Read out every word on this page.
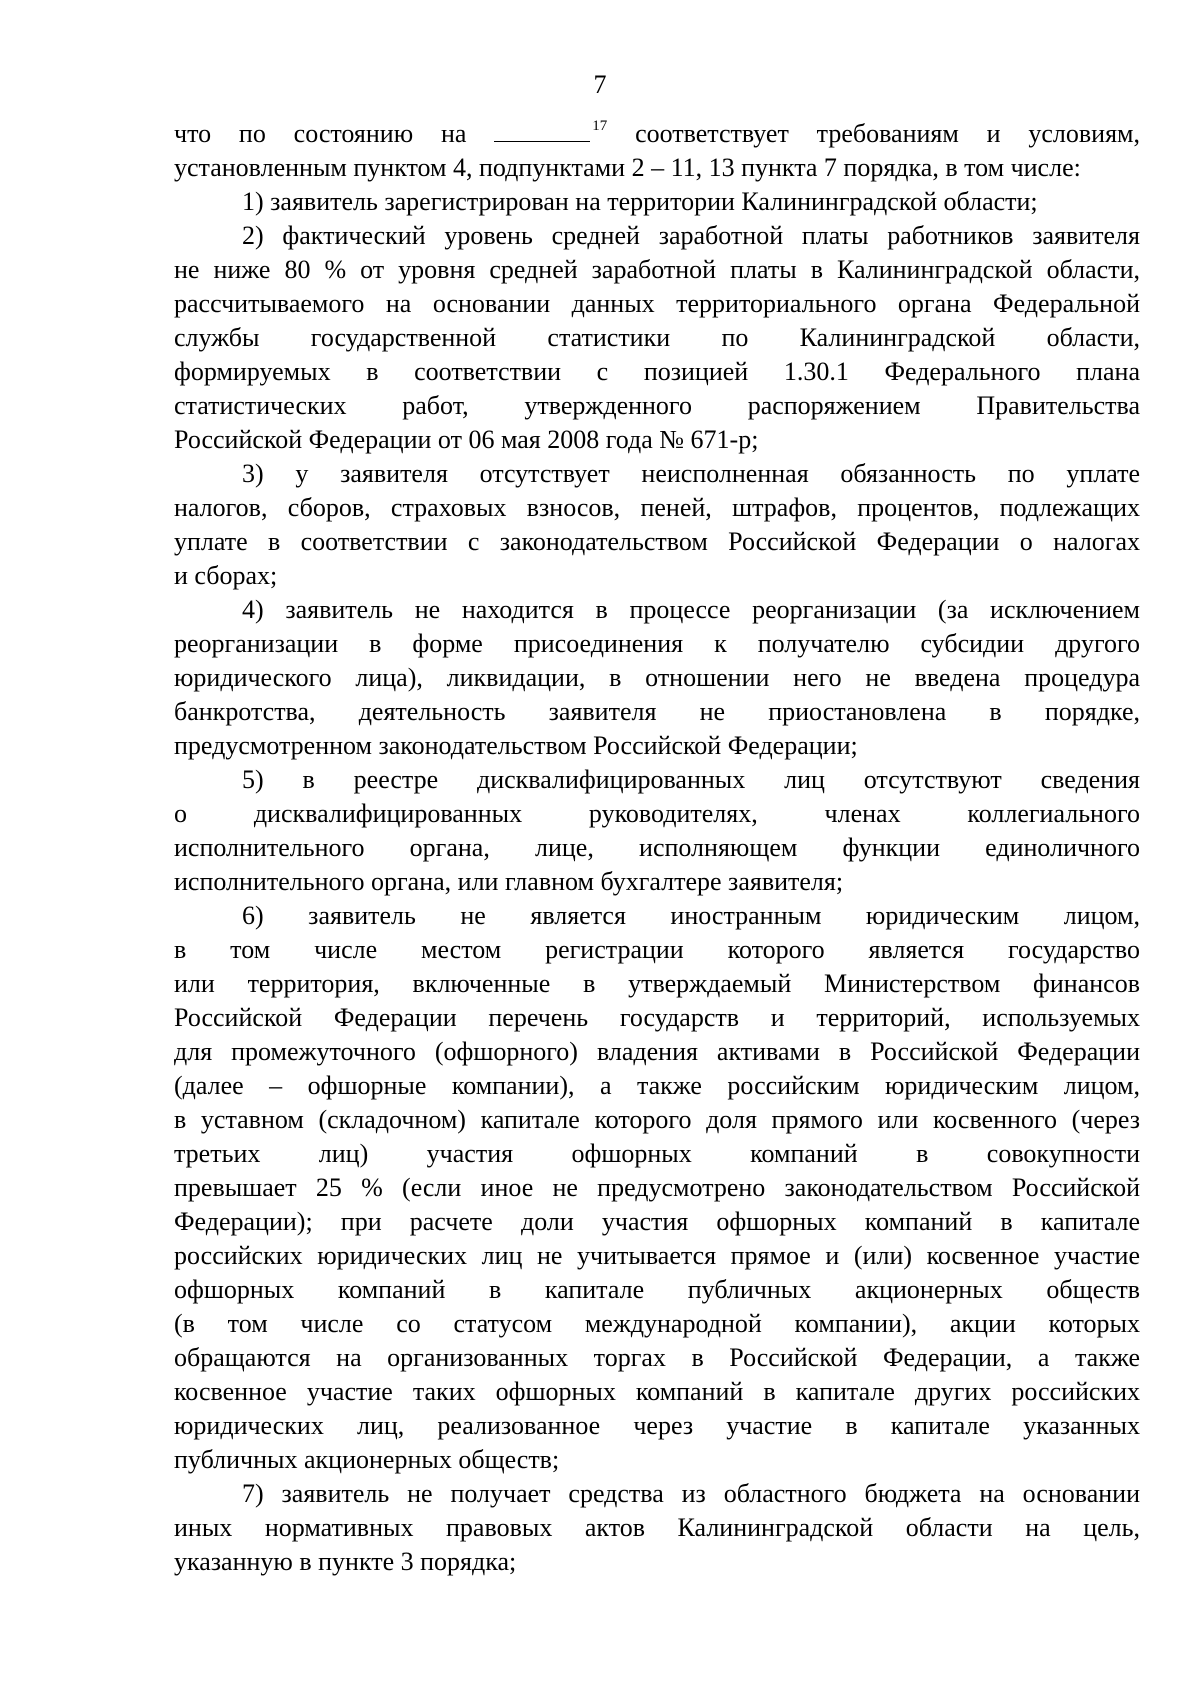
7
что по состоянию на	$^{17}$ соответствует требованиям и условиям,
установленным пунктом 4, подпунктами 2 – 11, 13 пункта 7 порядка, в том числе:
1) заявитель зарегистрирован на территории Калининградской области;
2) фактический уровень средней заработной платы работников заявителя
не ниже 80 % от уровня средней заработной платы в Калининградской области,
рассчитываемого на основании данных территориального органа Федеральной
службы государственной статистики по Калининградской области,
формируемых в соответствии с позицией 1.30.1 Федерального плана
статистических работ, утвержденного распоряжением Правительства
Российской Федерации от 06 мая 2008 года № 671-р;
3) у заявителя отсутствует неисполненная обязанность по уплате
налогов, сборов, страховых взносов, пеней, штрафов, процентов, подлежащих
уплате в соответствии с законодательством Российской Федерации о налогах
и сборах;
4) заявитель не находится в процессе реорганизации (за исключением
реорганизации в форме присоединения к получателю субсидии другого
юридического лица), ликвидации, в отношении него не введена процедура
банкротства, деятельность заявителя не приостановлена в порядке,
предусмотренном законодательством Российской Федерации;
5) в реестре дисквалифицированных лиц отсутствуют сведения
о дисквалифицированных руководителях, членах коллегиального
исполнительного органа, лице, исполняющем функции единоличного
исполнительного органа, или главном бухгалтере заявителя;
6) заявитель не является иностранным юридическим лицом,
в том числе местом регистрации которого является государство
или территория, включенные в утверждаемый Министерством финансов
Российской Федерации перечень государств и территорий, используемых
для промежуточного (офшорного) владения активами в Российской Федерации
(далее – офшорные компании), а также российским юридическим лицом,
в уставном (складочном) капитале которого доля прямого или косвенного (через
третьих лиц) участия офшорных компаний в совокупности
превышает 25 % (если иное не предусмотрено законодательством Российской
Федерации); при расчете доли участия офшорных компаний в капитале
российских юридических лиц не учитывается прямое и (или) косвенное участие
офшорных компаний в капитале публичных акционерных обществ
(в том числе со статусом международной компании), акции которых
обращаются на организованных торгах в Российской Федерации, а также
косвенное участие таких офшорных компаний в капитале других российских
юридических лиц, реализованное через участие в капитале указанных
публичных акционерных обществ;
7) заявитель не получает средства из областного бюджета на основании
иных нормативных правовых актов Калининградской области на цель,
указанную в пункте 3 порядка;
